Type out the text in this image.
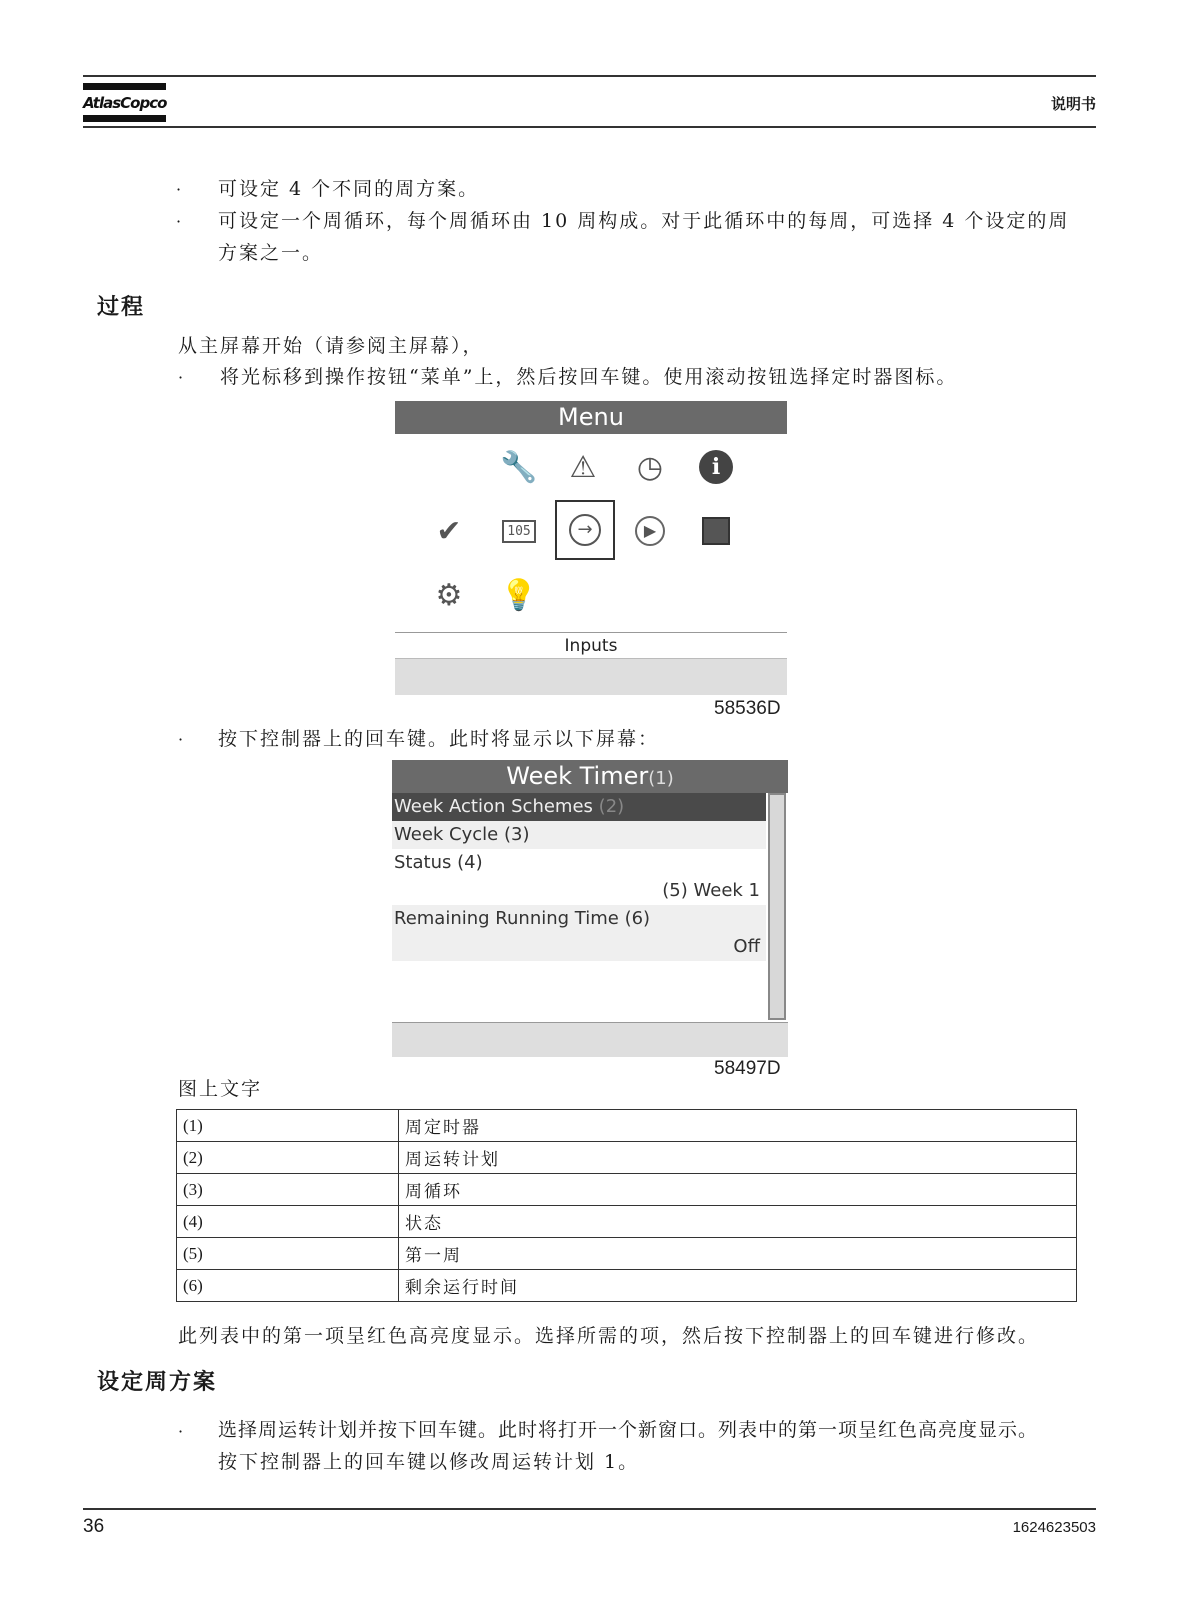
AtlasCopco	说明书
· 可设定 4 个不同的周方案。
· 可设定一个周循环，每个周循环由 10 周构成。对于此循环中的每周，可选择 4 个设定的周
方案之一。
过程
从主屏幕开始（请参阅主屏幕），
· 将光标移到操作按钮“菜单”上，然后按回车键。使用滚动按钮选择定时器图标。
Menu
🔧	⚠	◷	i
✔	105	→	▶
⚙	💡
Inputs
58536D
· 按下控制器上的回车键。此时将显示以下屏幕：
Week Timer(1)
Week Action Schemes (2)
Week Cycle (3)
Status (4)
(5) Week 1
Remaining Running Time (6)
Off
58497D
图上文字
(1)	周定时器
(2)	周运转计划
(3)	周循环
(4)	状态
(5)	第一周
(6)	剩余运行时间
此列表中的第一项呈红色高亮度显示。选择所需的项，然后按下控制器上的回车键进行修改。
设定周方案
· 选择周运转计划并按下回车键。此时将打开一个新窗口。列表中的第一项呈红色高亮度显示。
按下控制器上的回车键以修改周运转计划 1。
36	1624623503
